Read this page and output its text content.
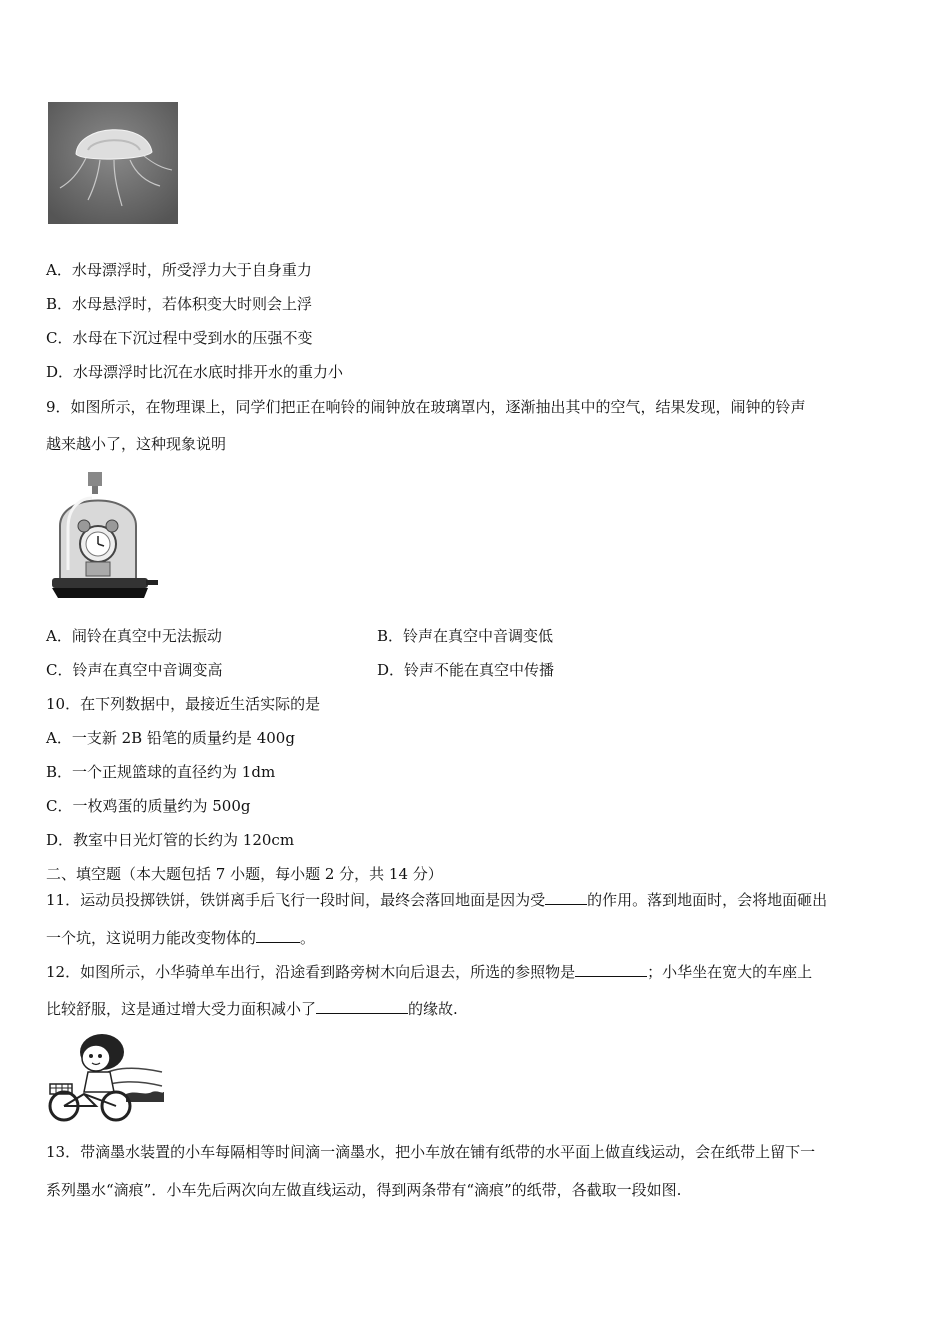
A．水母漂浮时，所受浮力大于自身重力
B．水母悬浮时，若体积变大时则会上浮
C．水母在下沉过程中受到水的压强不变
D．水母漂浮时比沉在水底时排开水的重力小
9．如图所示，在物理课上，同学们把正在响铃的闹钟放在玻璃罩内，逐渐抽出其中的空气，结果发现，闹钟的铃声
越来越小了，这种现象说明
A．闹铃在真空中无法振动	B．铃声在真空中音调变低
C．铃声在真空中音调变高	D．铃声不能在真空中传播
10．在下列数据中，最接近生活实际的是
A．一支新 2B 铅笔的质量约是 400g
B．一个正规篮球的直径约为 1dm
C．一枚鸡蛋的质量约为 500g
D．教室中日光灯管的长约为 120cm
二、填空题（本大题包括 7 小题，每小题 2 分，共 14 分）
11．运动员投掷铁饼，铁饼离手后飞行一段时间，最终会落回地面是因为受	的作用。落到地面时，会将地面砸出
一个坑，这说明力能改变物体的	。
12．如图所示，小华骑单车出行，沿途看到路旁树木向后退去，所选的参照物是	；小华坐在宽大的车座上
比较舒服，这是通过增大受力面积减小了	的缘故.
13．带滴墨水装置的小车每隔相等时间滴一滴墨水，把小车放在铺有纸带的水平面上做直线运动，会在纸带上留下一
系列墨水“滴痕”．小车先后两次向左做直线运动，得到两条带有“滴痕”的纸带，各截取一段如图.
